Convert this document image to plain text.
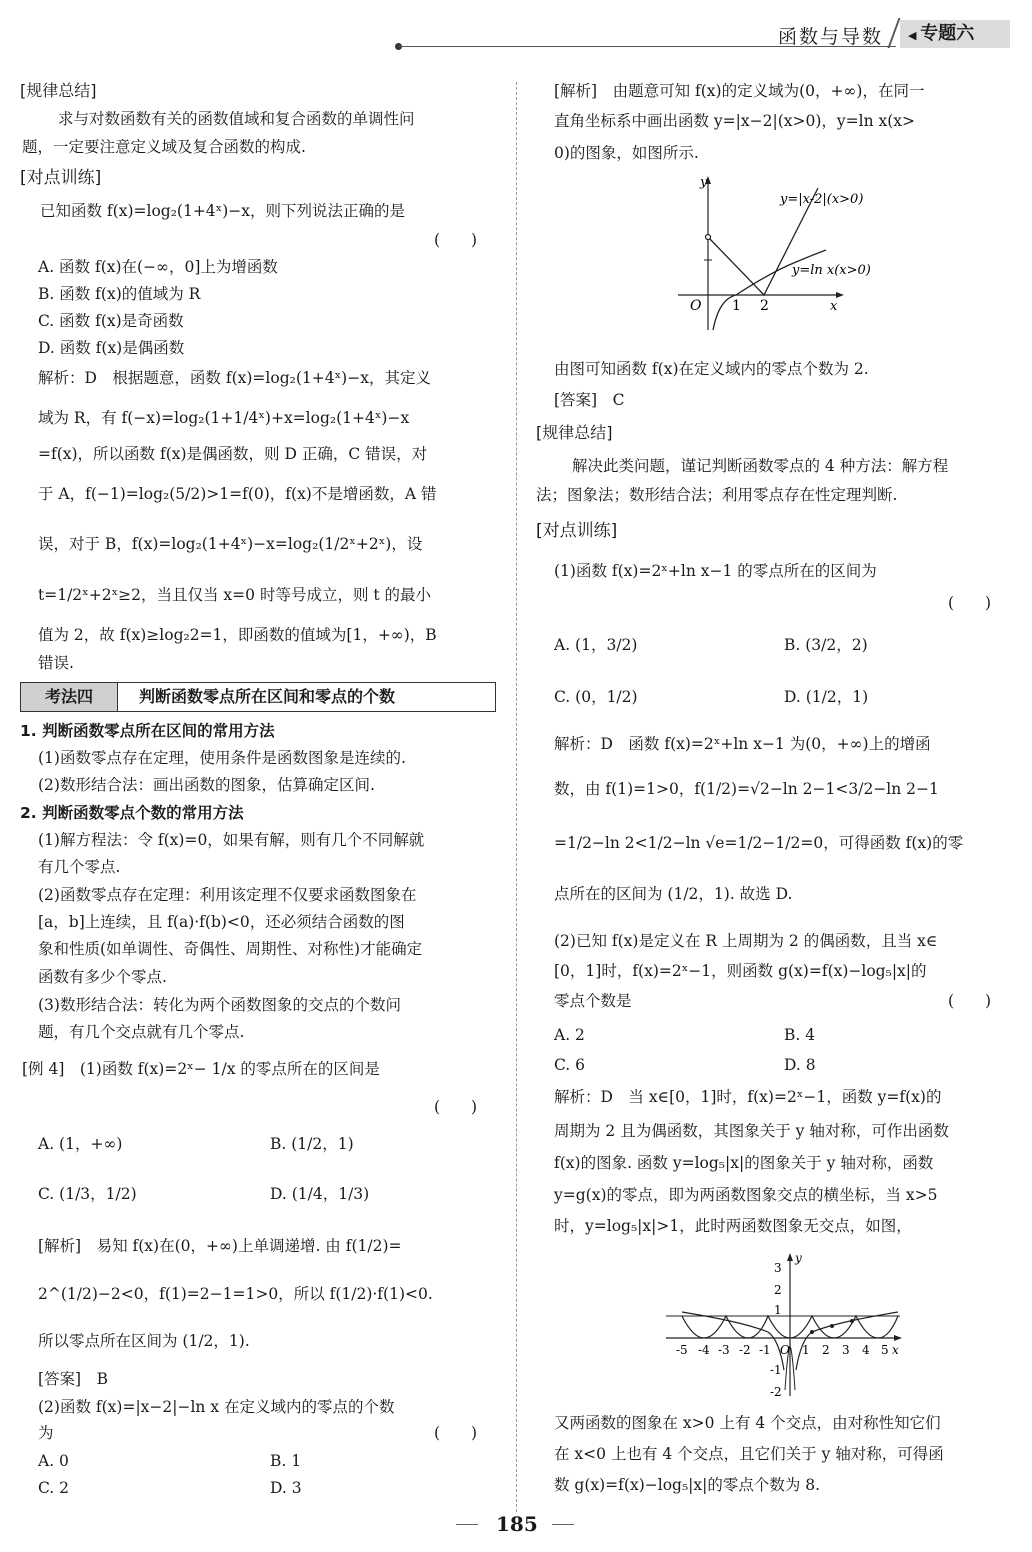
函数与导数	◀ 专题六
[规律总结]
求与对数函数有关的函数值域和复合函数的单调性问
题，一定要注意定义域及复合函数的构成.
[对点训练]
已知函数 f(x)=log₂(1+4ˣ)−x，则下列说法正确的是
(　　)
A. 函数 f(x)在(−∞，0]上为增函数
B. 函数 f(x)的值域为 R
C. 函数 f(x)是奇函数
D. 函数 f(x)是偶函数
解析：D　根据题意，函数 f(x)=log₂(1+4ˣ)−x，其定义
域为 R，有 f(−x)=log₂(1+1/4ˣ)+x=log₂(1+4ˣ)−x
=f(x)，所以函数 f(x)是偶函数，则 D 正确，C 错误，对
于 A，f(−1)=log₂(5/2)>1=f(0)，f(x)不是增函数，A 错
误，对于 B，f(x)=log₂(1+4ˣ)−x=log₂(1/2ˣ+2ˣ)，设
t=1/2ˣ+2ˣ≥2，当且仅当 x=0 时等号成立，则 t 的最小
值为 2，故 f(x)≥log₂2=1，即函数的值域为[1，+∞)，B
错误.
考法四	判断函数零点所在区间和零点的个数
1. 判断函数零点所在区间的常用方法
(1)函数零点存在定理，使用条件是函数图象是连续的.
(2)数形结合法：画出函数的图象，估算确定区间.
2. 判断函数零点个数的常用方法
(1)解方程法：令 f(x)=0，如果有解，则有几个不同解就
有几个零点.
(2)函数零点存在定理：利用该定理不仅要求函数图象在
[a，b]上连续，且 f(a)·f(b)<0，还必须结合函数的图
象和性质(如单调性、奇偶性、周期性、对称性)才能确定
函数有多少个零点.
(3)数形结合法：转化为两个函数图象的交点的个数问
题，有几个交点就有几个零点.
[例 4]　(1)函数 f(x)=2ˣ− 1/x 的零点所在的区间是
(　　)
A. (1，+∞)	B. (1/2，1)
C. (1/3，1/2)	D. (1/4，1/3)
[解析]　易知 f(x)在(0，+∞)上单调递增. 由 f(1/2)=
2^(1/2)−2<0，f(1)=2−1=1>0，所以 f(1/2)·f(1)<0.
所以零点所在区间为 (1/2，1).
[答案]　B
(2)函数 f(x)=|x−2|−ln x 在定义域内的零点的个数
为	(　　)
A. 0	B. 1
C. 2	D. 3
[解析]　由题意可知 f(x)的定义域为(0，+∞)，在同一
直角坐标系中画出函数 y=|x−2|(x>0)，y=ln x(x>
0)的图象，如图所示.
y
x
O 1 2
y=|x-2|(x>0)
y=ln x(x>0)
由图可知函数 f(x)在定义域内的零点个数为 2.
[答案]　C
[规律总结]
解决此类问题，谨记判断函数零点的 4 种方法：解方程
法；图象法；数形结合法；利用零点存在性定理判断.
[对点训练]
(1)函数 f(x)=2ˣ+ln x−1 的零点所在的区间为
(　　)
A. (1，3/2)	B. (3/2，2)
C. (0，1/2)	D. (1/2，1)
解析：D　函数 f(x)=2ˣ+ln x−1 为(0，+∞)上的增函
数，由 f(1)=1>0，f(1/2)=√2−ln 2−1<3/2−ln 2−1
=1/2−ln 2<1/2−ln √e=1/2−1/2=0，可得函数 f(x)的零
点所在的区间为 (1/2，1). 故选 D.
(2)已知 f(x)是定义在 R 上周期为 2 的偶函数，且当 x∈
[0，1]时，f(x)=2ˣ−1，则函数 g(x)=f(x)−log₅|x|的
零点个数是	(　　)
A. 2	B. 4
C. 6	D. 8
解析：D　当 x∈[0，1]时，f(x)=2ˣ−1，函数 y=f(x)的
周期为 2 且为偶函数，其图象关于 y 轴对称，可作出函数
f(x)的图象. 函数 y=log₅|x|的图象关于 y 轴对称，函数
y=g(x)的零点，即为两函数图象交点的横坐标，当 x>5
时，y=log₅|x|>1，此时两函数图象无交点，如图，
y
x
O
3
2
1
-1
-2
-5 -4 -3 -2 -1	1 2 3 4 5
又两函数的图象在 x>0 上有 4 个交点，由对称性知它们
在 x<0 上也有 4 个交点，且它们关于 y 轴对称，可得函
数 g(x)=f(x)−log₅|x|的零点个数为 8.
185
